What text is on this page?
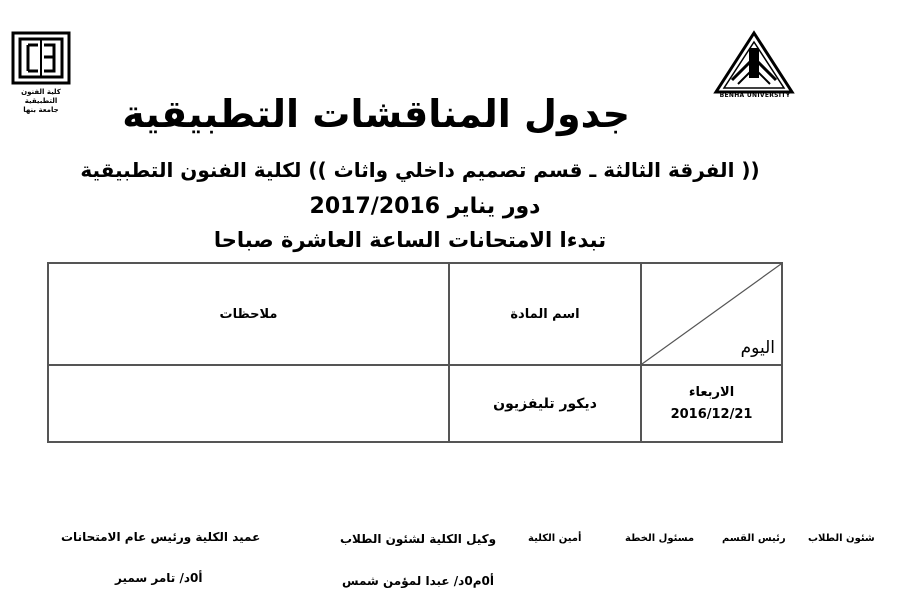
كلية الفنون التطبيقية
جامعة بنها
BENHA UNIVERSITY
جدول المناقشات التطبيقية
(( الفرقة الثالثة ـ قسم تصميم داخلي واثاث )) لكلية الفنون التطبيقية
دور يناير 2017/2016
تبدءا الامتحانات الساعة العاشرة صباحا
اليوم	اسم المادة	ملاحظات

الاربعاء
2016/12/21	ديكور تليفزيون	
شئون الطلاب
رئيس القسم
مسئول الخطة
أمين الكلية
وكيل الكلية لشئون الطلاب
أ0م0د/ عبدا لمؤمن شمس
عميد الكلية ورئيس عام الامتحانات
أ0د/ تامر سمير
